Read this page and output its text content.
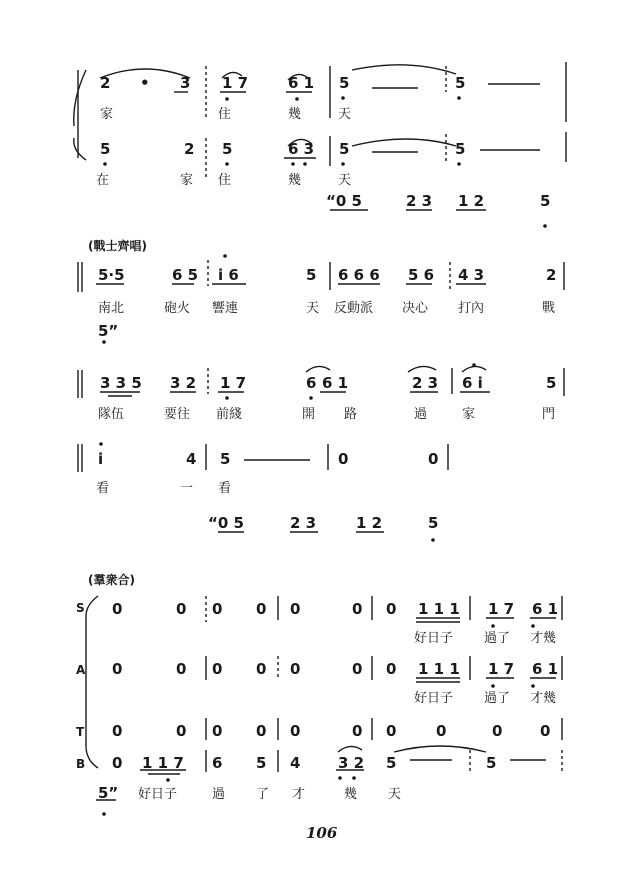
2 • 3 1 7	6 1 5	5
家	住	幾	天
5	2 5	6 3 5	5
在	家 住	幾	天
“0 5	2 3 1 2	5
(戰士齊唱)
5·5	6 5 i 6	5 6 6 6 5 6 4 3	2
南北	砲火 響連	天 反動派 决心 打內	戰
5”
3 3 5 3 2 1 7	6 6 1	2 3 6 i	5
隊伍	要往 前綫	開 路	過	家	門
i	4 5	0	0
看	一 看
“0 5	2 3	1 2	5
(羣衆合)
S 0	0 0 0 0	0 0 1 1 1 1 7 6 1
好日子 過了 才幾
A 0	0 0 0 0	0 0 1 1 1 1 7 6 1
好日子 過了 才幾
T 0	0 0 0 0	0 0	0	0	0
B 0 1 1 7 6 5 4	3 2 5	5
5” 好日子	過 了 才	幾 天
106
